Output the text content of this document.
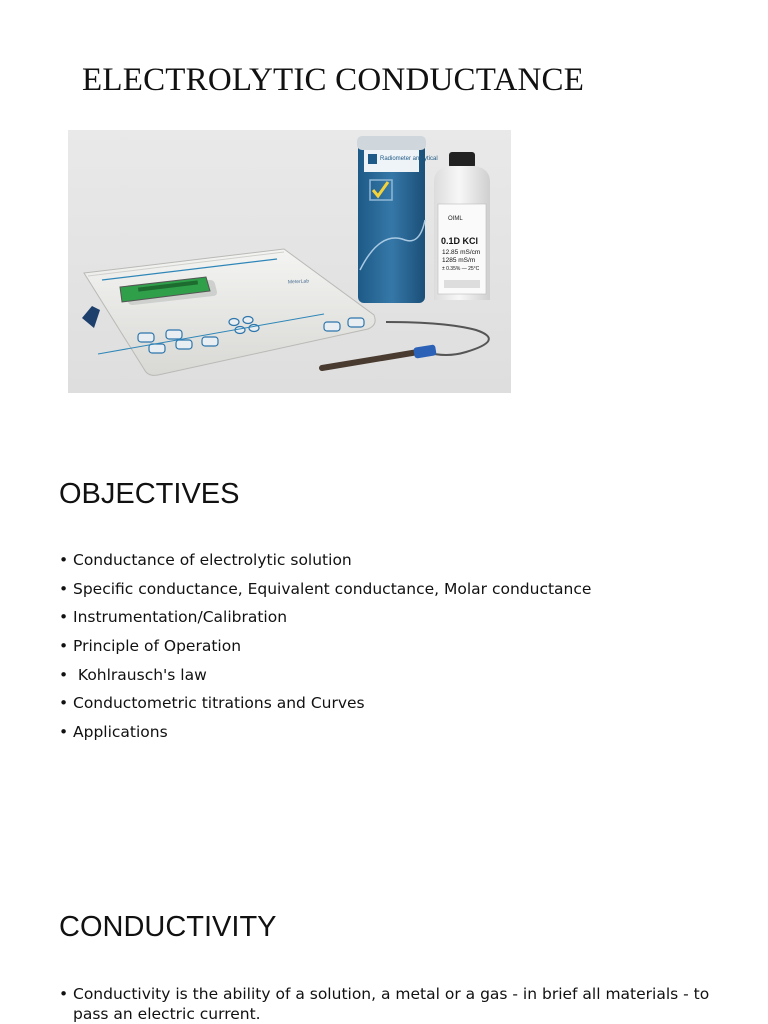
ELECTROLYTIC CONDUCTANCE
Radiometer analytical
OIML
0.1D KCl
12.85 mS/cm
1285 mS/m
± 0.35% — 25°C
MeterLab
OBJECTIVES
• Conductance of electrolytic solution
• Specific conductance, Equivalent conductance, Molar conductance
• Instrumentation/Calibration
• Principle of Operation
• Kohlrausch's law
• Conductometric titrations and Curves
• Applications
CONDUCTIVITY
• Conductivity is the ability of a solution, a metal or a gas - in brief all materials - to pass an electric current.
